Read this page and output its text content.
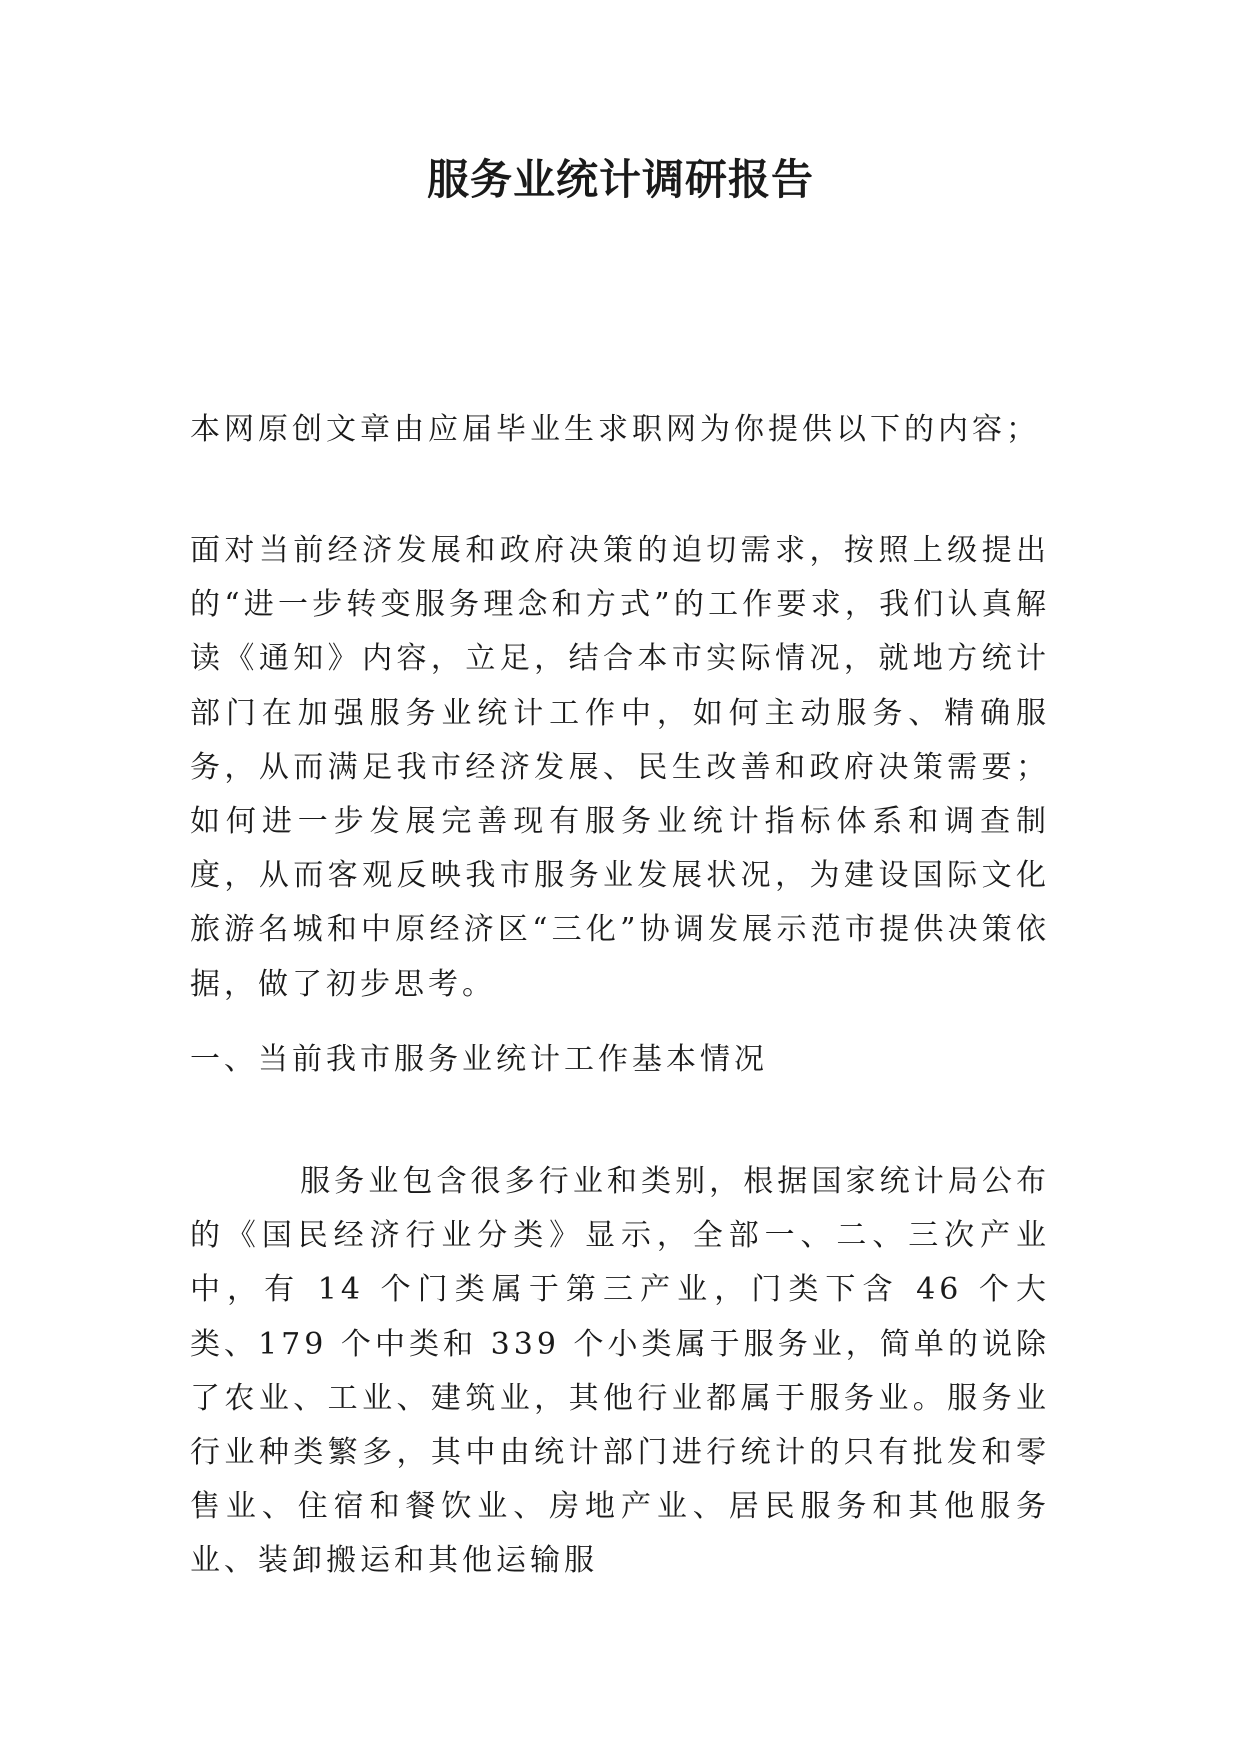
服务业统计调研报告

本网原创文章由应届毕业生求职网为你提供以下的内容；

面对当前经济发展和政府决策的迫切需求，按照上级提出的“进一步转变服务理念和方式”的工作要求，我们认真解读《通知》内容，立足，结合本市实际情况，就地方统计部门在加强服务业统计工作中，如何主动服务、精确服务，从而满足我市经济发展、民生改善和政府决策需要；如何进一步发展完善现有服务业统计指标体系和调查制度，从而客观反映我市服务业发展状况，为建设国际文化旅游名城和中原经济区“三化”协调发展示范市提供决策依据，做了初步思考。

一、当前我市服务业统计工作基本情况

服务业包含很多行业和类别，根据国家统计局公布的《国民经济行业分类》显示，全部一、二、三次产业中，有 14 个门类属于第三产业，门类下含 46 个大类、179 个中类和 339 个小类属于服务业，简单的说除了农业、工业、建筑业，其他行业都属于服务业。服务业行业种类繁多，其中由统计部门进行统计的只有批发和零售业、住宿和餐饮业、房地产业、居民服务和其他服务业、装卸搬运和其他运输服
